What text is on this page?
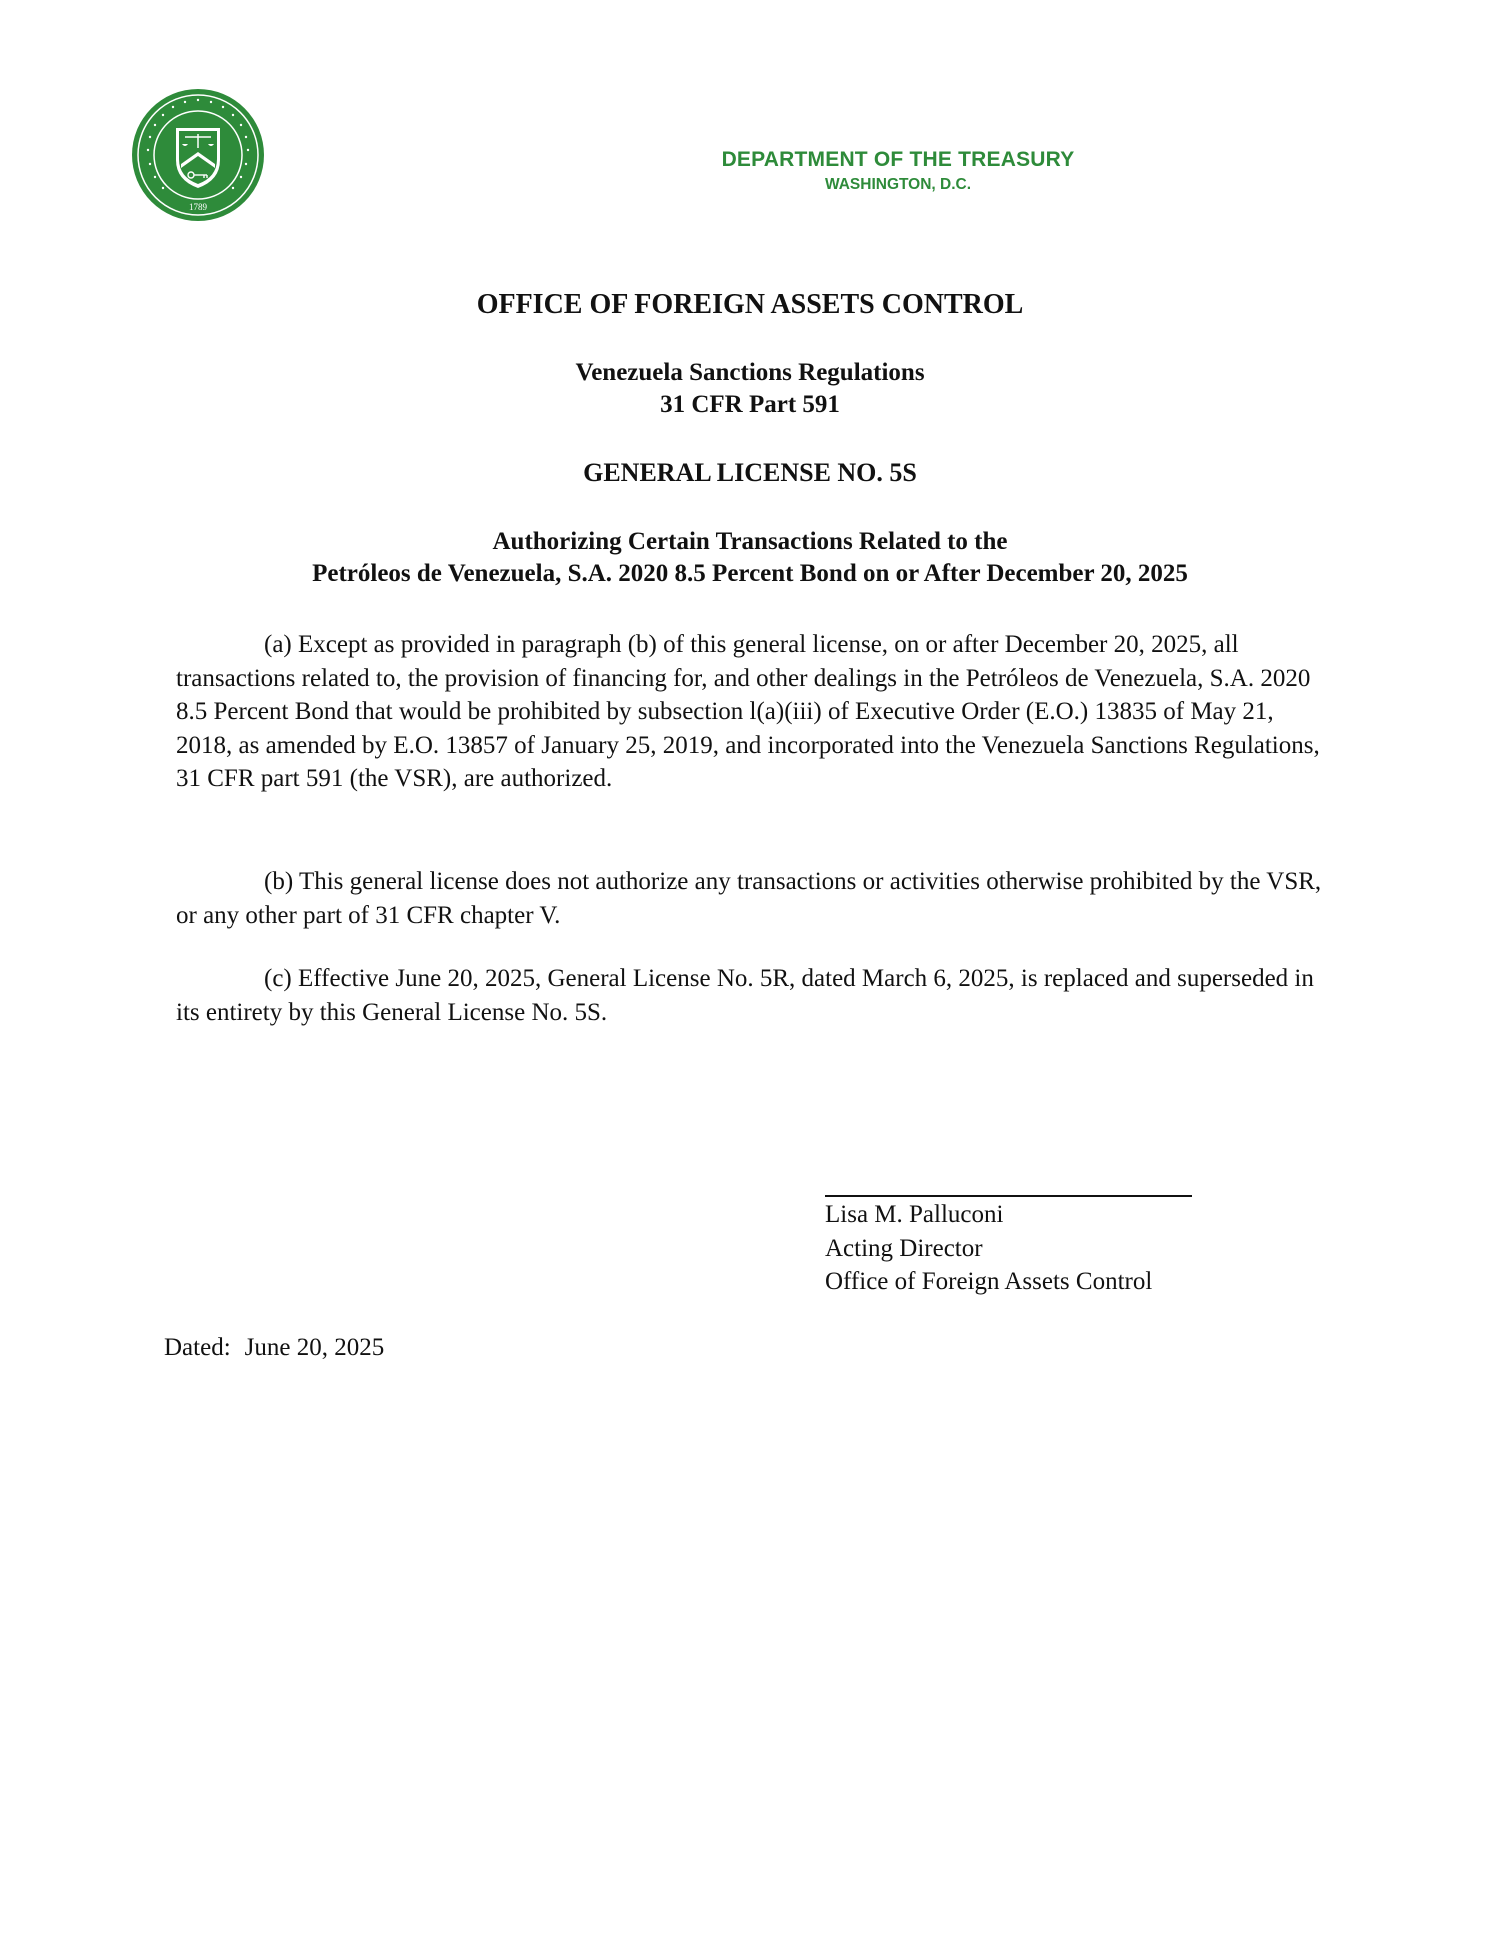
1789
DEPARTMENT OF THE TREASURY
WASHINGTON, D.C.
OFFICE OF FOREIGN ASSETS CONTROL
Venezuela Sanctions Regulations
31 CFR Part 591
GENERAL LICENSE NO. 5S
Authorizing Certain Transactions Related to the
Petróleos de Venezuela, S.A. 2020 8.5 Percent Bond on or After December 20, 2025
(a) Except as provided in paragraph (b) of this general license, on or after December 20, 2025, all transactions related to, the provision of financing for, and other dealings in the Petróleos de Venezuela, S.A. 2020 8.5 Percent Bond that would be prohibited by subsection l(a)(iii) of Executive Order (E.O.) 13835 of May 21, 2018, as amended by E.O. 13857 of January 25, 2019, and incorporated into the Venezuela Sanctions Regulations, 31 CFR part 591 (the VSR), are authorized.
(b) This general license does not authorize any transactions or activities otherwise prohibited by the VSR, or any other part of 31 CFR chapter V.
(c) Effective June 20, 2025, General License No. 5R, dated March 6, 2025, is replaced and superseded in its entirety by this General License No. 5S.
Lisa M. Palluconi
Acting Director
Office of Foreign Assets Control
Dated: June 20, 2025
